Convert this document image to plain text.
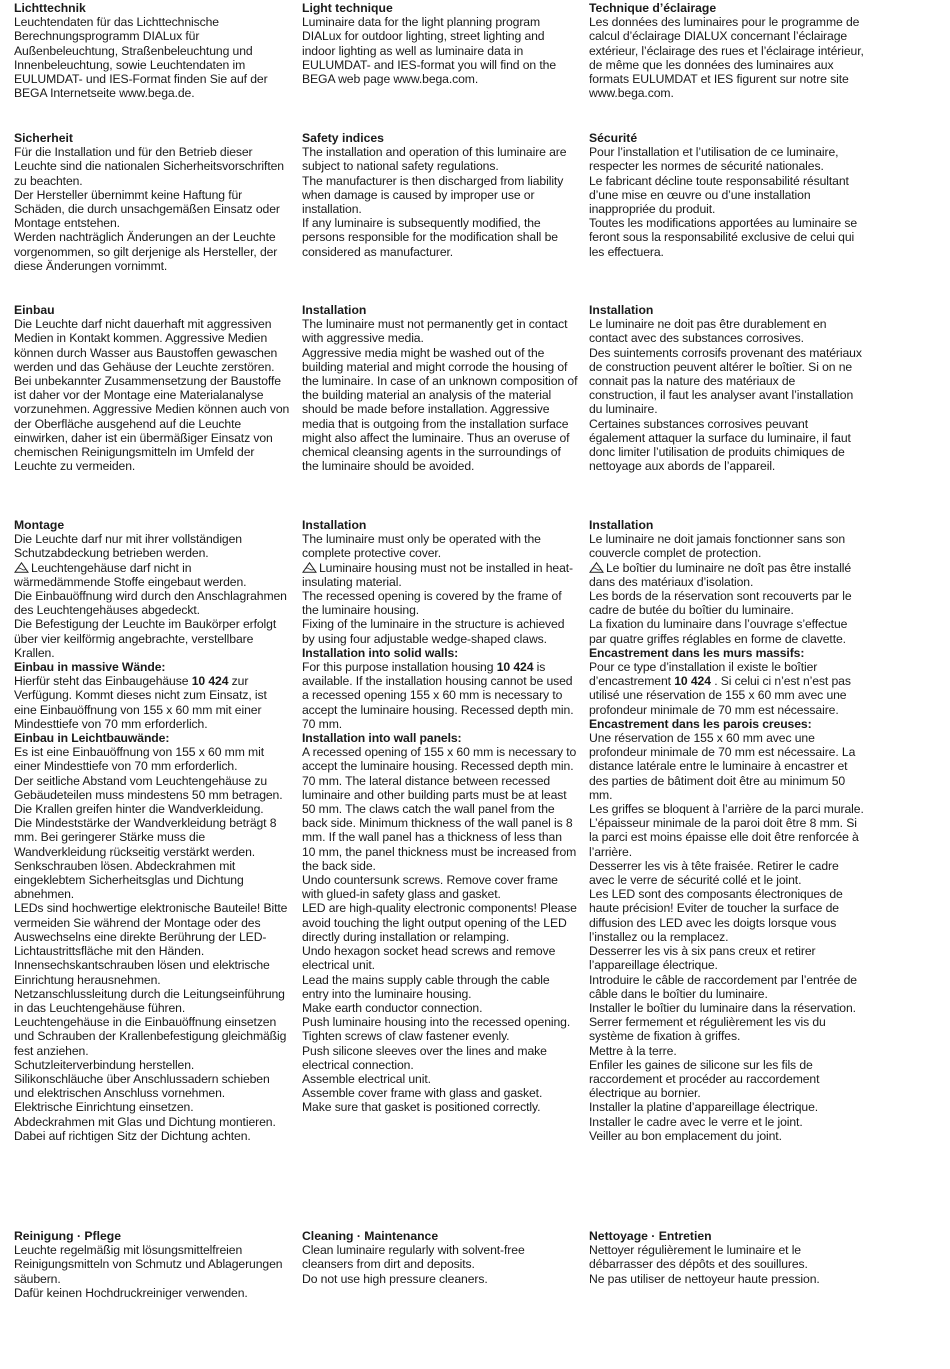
Lichttechnik

Leuchtendaten für das Lichttechnische Berechnungsprogramm DIALux für Außenbeleuchtung, Straßenbeleuchtung und Innenbeleuchtung, sowie Leuchtendaten im EULUMDAT- und IES-Format finden Sie auf der BEGA Internetseite www.bega.de.

Sicherheit

Für die Installation und für den Betrieb dieser Leuchte sind die nationalen Sicherheitsvorschriften zu beachten.

Der Hersteller übernimmt keine Haftung für Schäden, die durch unsachgemäßen Einsatz oder Montage entstehen.

Werden nachträglich Änderungen an der Leuchte vorgenommen, so gilt derjenige als Hersteller, der diese Änderungen vornimmt.

Einbau

Die Leuchte darf nicht dauerhaft mit aggressiven Medien in Kontakt kommen. Aggressive Medien können durch Wasser aus Baustoffen gewaschen werden und das Gehäuse der Leuchte zerstören. Bei unbekannter Zusammensetzung der Baustoffe ist daher vor der Montage eine Materialanalyse vorzunehmen. Aggressive Medien können auch von der Oberfläche ausgehend auf die Leuchte einwirken, daher ist ein übermäßiger Einsatz von chemischen Reinigungsmitteln im Umfeld der Leuchte zu vermeiden.

Montage

Die Leuchte darf nur mit ihrer vollständigen Schutzabdeckung betrieben werden.

Leuchtengehäuse darf nicht in wärmedämmende Stoffe eingebaut werden.

Die Einbauöffnung wird durch den Anschlagrahmen des Leuchtengehäuses abgedeckt.

Die Befestigung der Leuchte im Baukörper erfolgt über vier keilförmig angebrachte, verstellbare Krallen.

Einbau in massive Wände:

Hierfür steht das Einbaugehäuse 10 424 zur Verfügung. Kommt dieses nicht zum Einsatz, ist eine Einbauöffnung von 155 x 60 mm mit einer Mindesttiefe von 70 mm erforderlich.

Einbau in Leichtbauwände:

Es ist eine Einbauöffnung von 155 x 60 mm mit einer Mindesttiefe von 70 mm erforderlich.

Der seitliche Abstand vom Leuchtengehäuse zu Gebäudeteilen muss mindestens 50 mm betragen. Die Krallen greifen hinter die Wandverkleidung.

Die Mindeststärke der Wandverkleidung beträgt 8 mm. Bei geringerer Stärke muss die Wandverkleidung rückseitig verstärkt werden.

Senkschrauben lösen. Abdeckrahmen mit eingeklebtem Sicherheitsglas und Dichtung abnehmen.

LEDs sind hochwertige elektronische Bauteile! Bitte vermeiden Sie während der Montage oder des Auswechselns eine direkte Berührung der LED-Lichtaustrittsfläche mit den Händen.

Innensechskantschrauben lösen und elektrische Einrichtung herausnehmen.

Netzanschlussleitung durch die Leitungseinführung in das Leuchtengehäuse führen.

Leuchtengehäuse in die Einbauöffnung einsetzen und Schrauben der Krallenbefestigung gleichmäßig fest anziehen.

Schutzleiterverbindung herstellen.

Silikonschläuche über Anschlussadern schieben und elektrischen Anschluss vornehmen.

Elektrische Einrichtung einsetzen.

Abdeckrahmen mit Glas und Dichtung montieren.

Dabei auf richtigen Sitz der Dichtung achten.

Reinigung · Pflege

Leuchte regelmäßig mit lösungsmittelfreien Reinigungsmitteln von Schmutz und Ablagerungen säubern.

Dafür keinen Hochdruckreiniger verwenden.

Light technique

Luminaire data for the light planning program DIALux for outdoor lighting, street lighting and indoor lighting as well as luminaire data in EULUMDAT- and IES-format you will find on the BEGA web page www.bega.com.

Safety indices

The installation and operation of this luminaire are subject to national safety regulations.

The manufacturer is then discharged from liability when damage is caused by improper use or installation.

If any luminaire is subsequently modified, the persons responsible for the modification shall be considered as manufacturer.

Installation

The luminaire must not permanently get in contact with aggressive media.

Aggressive media might be washed out of the building material and might corrode the housing of the luminaire. In case of an unknown composition of the building material an analysis of the material should be made before installation. Aggressive media that is outgoing from the installation surface might also affect the luminaire. Thus an overuse of chemical cleansing agents in the surroundings of the luminaire should be avoided.

Installation

The luminaire must only be operated with the complete protective cover.

Luminaire housing must not be installed in heat-insulating material.

The recessed opening is covered by the frame of the luminaire housing.

Fixing of the luminaire in the structure is achieved by using four adjustable wedge-shaped claws.

Installation into solid walls:

For this purpose installation housing 10 424 is available. If the installation housing cannot be used a recessed opening 155 x 60 mm is necessary to accept the luminaire housing. Recessed depth min. 70 mm.

Installation into wall panels:

A recessed opening of 155 x 60 mm is necessary to accept the luminaire housing. Recessed depth min. 70 mm. The lateral distance between recessed luminaire and other building parts must be at least 50 mm. The claws catch the wall panel from the back side. Minimum thickness of the wall panel is 8 mm. If the wall panel has a thickness of less than 10 mm, the panel thickness must be increased from the back side.

Undo countersunk screws. Remove cover frame with glued-in safety glass and gasket.

LED are high-quality electronic components! Please avoid touching the light output opening of the LED directly during installation or relamping.

Undo hexagon socket head screws and remove electrical unit.

Lead the mains supply cable through the cable entry into the luminaire housing.

Make earth conductor connection.

Push luminaire housing into the recessed opening. Tighten screws of claw fastener evenly.

Push silicone sleeves over the lines and make electrical connection.

Assemble electrical unit.

Assemble cover frame with glass and gasket.

Make sure that gasket is positioned correctly.

Cleaning · Maintenance

Clean luminaire regularly with solvent-free cleansers from dirt and deposits.

Do not use high pressure cleaners.

Technique d’éclairage

Les données des luminaires pour le programme de calcul d’éclairage DIALUX concernant l’éclairage extérieur, l’éclairage des rues et l’éclairage intérieur, de même que les données des luminaires aux formats EULUMDAT et IES figurent sur notre site www.bega.com.

Sécurité

Pour l’installation et l’utilisation de ce luminaire, respecter les normes de sécurité nationales.

Le fabricant décline toute responsabilité résultant d’une mise en œuvre ou d’une installation inappropriée du produit.

Toutes les modifications apportées au luminaire se feront sous la responsabilité exclusive de celui qui les effectuera.

Installation

Le luminaire ne doit pas être durablement en contact avec des substances corrosives.

Des suintements corrosifs provenant des matériaux de construction peuvent altérer le boîtier. Si on ne connait pas la nature des matériaux de construction, il faut les analyser avant l’installation du luminaire.

Certaines substances corrosives peuvant également attaquer la surface du luminaire, il faut donc limiter l’utilisation de produits chimiques de nettoyage aux abords de l’appareil.

Installation

Le luminaire ne doit jamais fonctionner sans son couvercle complet de protection.

Le boîtier du luminaire ne doît pas être installé dans des matériaux d’isolation.

Les bords de la réservation sont recouverts par le cadre de butée du boîtier du luminaire.

La fixation du luminaire dans l’ouvrage s’effectue par quatre griffes réglables en forme de clavette.

Encastrement dans les murs massifs:

Pour ce type d’installation il existe le boîtier d’encastrement 10 424 . Si celui ci n’est n’est pas utilisé une réservation de 155 x 60 mm avec une profondeur minimale de 70 mm est nécessaire.

Encastrement dans les parois creuses:

Une réservation de 155 x 60 mm avec une profondeur minimale de 70 mm est nécessaire. La distance latérale entre le luminaire à encastrer et des parties de bâtiment doit être au minimum 50 mm.

Les griffes se bloquent à l’arrière de la parci murale.

L’épaisseur minimale de la paroi doit être 8 mm. Si la parci est moins épaisse elle doit être renforcée à l’arrière.

Desserrer les vis à tête fraisée. Retirer le cadre avec le verre de sécurité collé et le joint.

Les LED sont des composants électroniques de haute précision! Eviter de toucher la surface de diffusion des LED avec les doigts lorsque vous l’installez ou la remplacez.

Desserrer les vis à six pans creux et retirer l’appareillage électrique.

Introduire le câble de raccordement par l’entrée de câble dans le boîtier du luminaire.

Installer le boîtier du luminaire dans la réservation.

Serrer fermement et régulièrement les vis du système de fixation à griffes.

Mettre à la terre.

Enfiler les gaines de silicone sur les fils de raccordement et procéder au raccordement électrique au bornier.

Installer la platine d’appareillage électrique.

Installer le cadre avec le verre et le joint.

Veiller au bon emplacement du joint.

Nettoyage · Entretien

Nettoyer régulièrement le luminaire et le débarrasser des dépôts et des souillures.

Ne pas utiliser de nettoyeur haute pression.
